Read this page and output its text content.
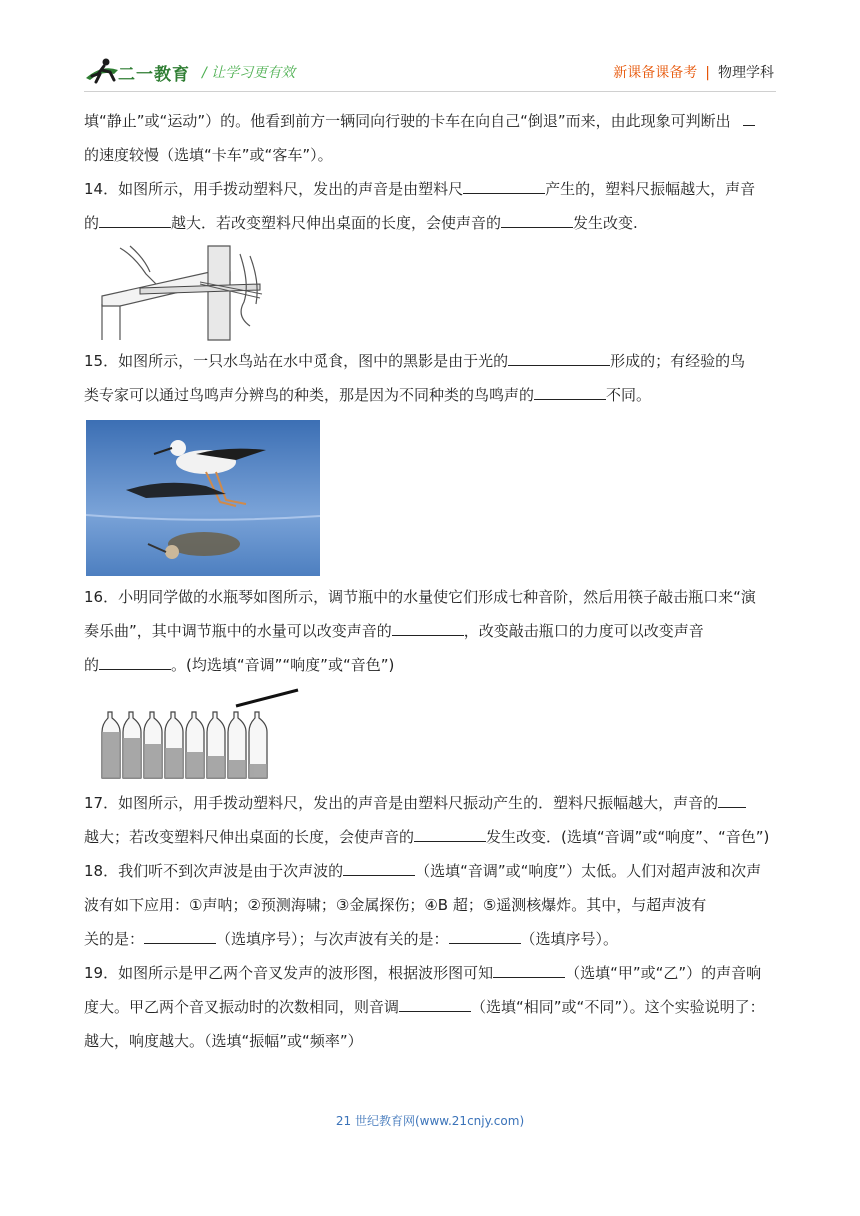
二一教育 / 让学习更有效	新课备课备考 | 物理学科
填“静止”或“运动”）的。他看到前方一辆同向行驶的卡车在向自己“倒退”而来，由此现象可判断出
的速度较慢（选填“卡车”或“客车”）。
14．如图所示，用手拨动塑料尺，发出的声音是由塑料尺	产生的，塑料尺振幅越大，声音
的	越大．若改变塑料尺伸出桌面的长度，会使声音的	发生改变.
15．如图所示，一只水鸟站在水中觅食，图中的黑影是由于光的	形成的；有经验的鸟
类专家可以通过鸟鸣声分辨鸟的种类，那是因为不同种类的鸟鸣声的	不同。
16．小明同学做的水瓶琴如图所示，调节瓶中的水量使它们形成七种音阶，然后用筷子敲击瓶口来“演
奏乐曲”，其中调节瓶中的水量可以改变声音的	，改变敲击瓶口的力度可以改变声音
的	。(均选填“音调”“响度”或“音色”)
17．如图所示，用手拨动塑料尺，发出的声音是由塑料尺振动产生的．塑料尺振幅越大，声音的
越大；若改变塑料尺伸出桌面的长度，会使声音的	发生改变．(选填“音调”或“响度”、“音色”)
18．我们听不到次声波是由于次声波的	（选填“音调”或“响度”）太低。人们对超声波和次声
波有如下应用：①声呐；②预测海啸；③金属探伤；④B 超；⑤遥测核爆炸。其中，与超声波有
关的是：	（选填序号）；与次声波有关的是：	（选填序号）。
19．如图所示是甲乙两个音叉发声的波形图，根据波形图可知	（选填“甲”或“乙”）的声音响
度大。甲乙两个音叉振动时的次数相同，则音调	（选填“相同”或“不同”）。这个实验说明了：
越大，响度越大。（选填“振幅”或“频率”）
21 世纪教育网(www.21cnjy.com)
